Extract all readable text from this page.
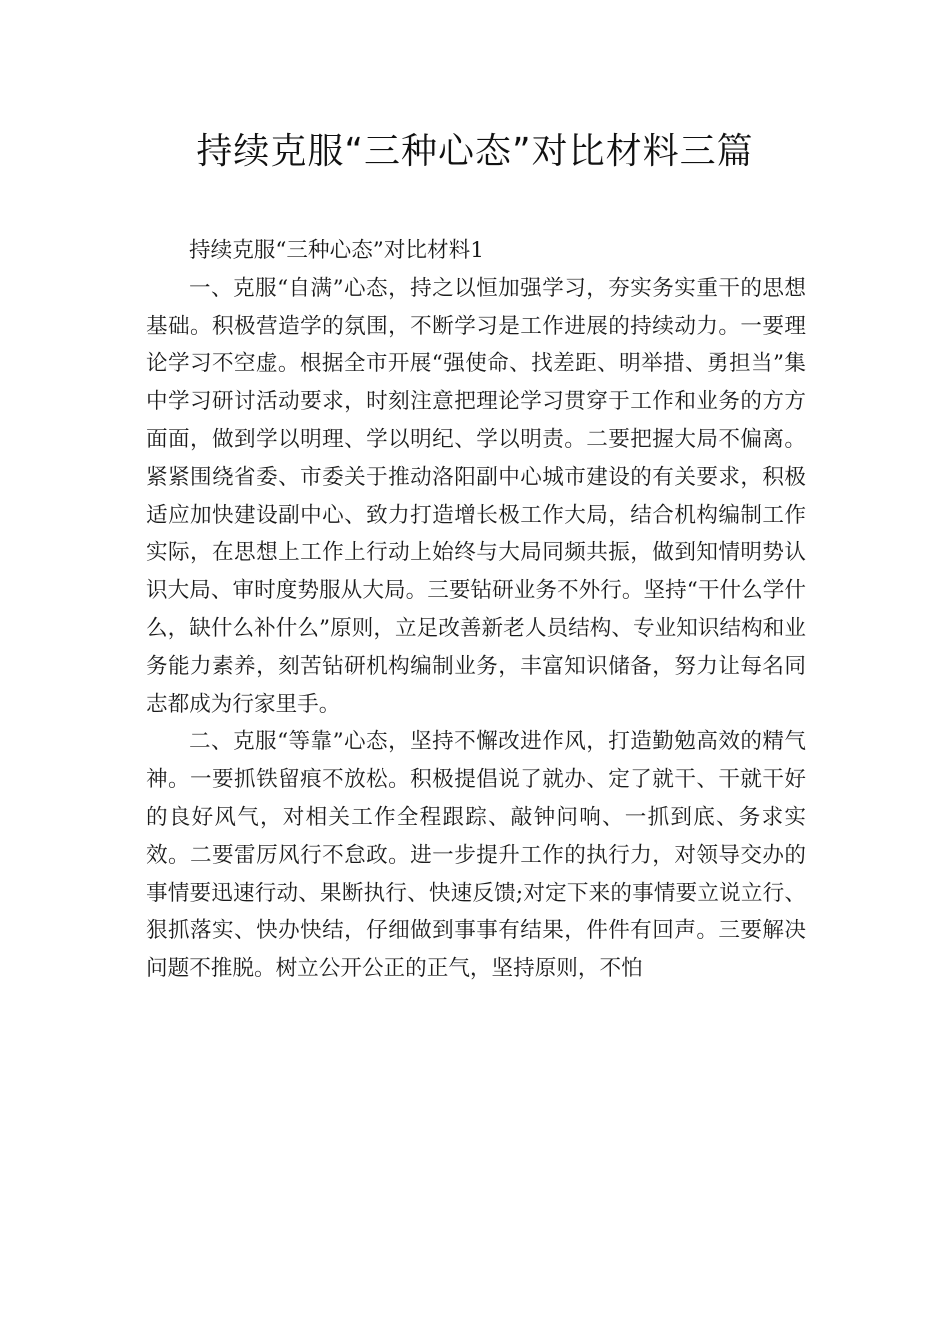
持续克服“三种心态”对比材料三篇

持续克服“三种心态”对比材料1

一、克服“自满”心态，持之以恒加强学习，夯实务实重干的思想基础。积极营造学的氛围，不断学习是工作进展的持续动力。一要理论学习不空虚。根据全市开展“强使命、找差距、明举措、勇担当”集中学习研讨活动要求，时刻注意把理论学习贯穿于工作和业务的方方面面，做到学以明理、学以明纪、学以明责。二要把握大局不偏离。紧紧围绕省委、市委关于推动洛阳副中心城市建设的有关要求，积极适应加快建设副中心、致力打造增长极工作大局，结合机构编制工作实际，在思想上工作上行动上始终与大局同频共振，做到知情明势认识大局、审时度势服从大局。三要钻研业务不外行。坚持“干什么学什么，缺什么补什么”原则，立足改善新老人员结构、专业知识结构和业务能力素养，刻苦钻研机构编制业务，丰富知识储备，努力让每名同志都成为行家里手。

二、克服“等靠”心态，坚持不懈改进作风，打造勤勉高效的精气神。一要抓铁留痕不放松。积极提倡说了就办、定了就干、干就干好的良好风气，对相关工作全程跟踪、敲钟问响、一抓到底、务求实效。二要雷厉风行不怠政。进一步提升工作的执行力，对领导交办的事情要迅速行动、果断执行、快速反馈;对定下来的事情要立说立行、狠抓落实、快办快结，仔细做到事事有结果，件件有回声。三要解决问题不推脱。树立公开公正的正气，坚持原则，不怕
